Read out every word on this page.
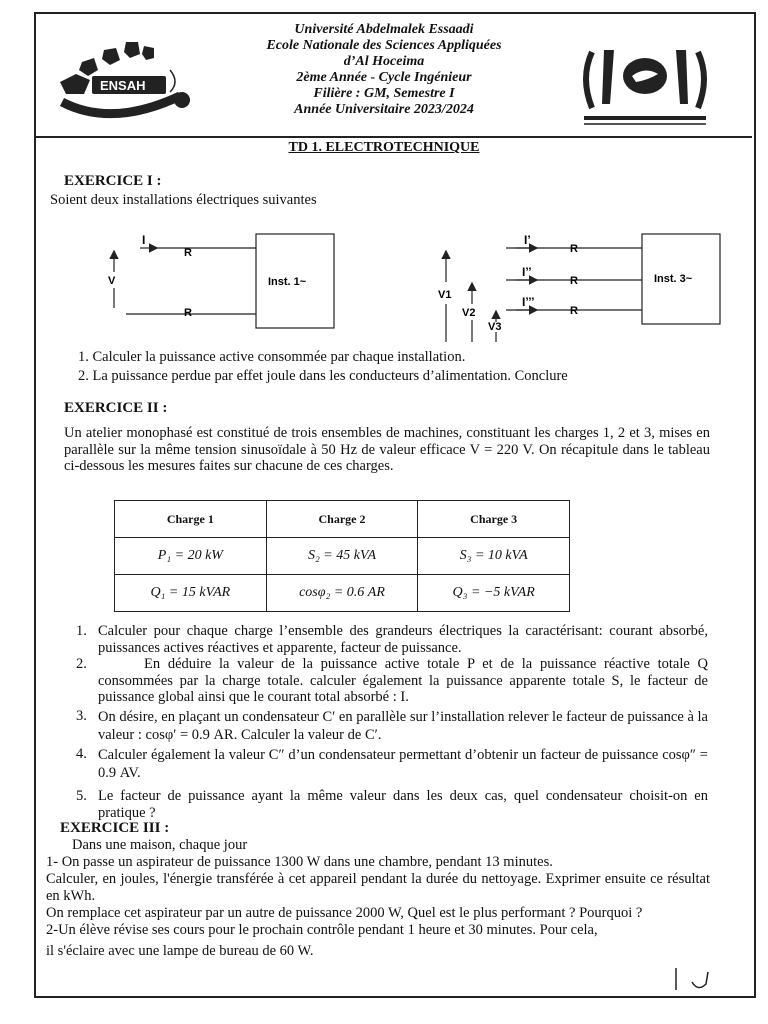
ENSAH
Université Abdelmalek Essaadi
Ecole Nationale des Sciences Appliquées
d’Al Hoceima
2ème Année - Cycle Ingénieur
Filière : GM, Semestre I
Année Universitaire 2023/2024
TD 1. ELECTROTECHNIQUE
EXERCICE I :
Soient deux installations électriques suivantes
I
R
R
V	Inst. 1~
I’
R
I’’
R
I’’’
R
Inst. 3~
V1
V2
V3
1. Calculer la puissance active consommée par chaque installation.
2. La puissance perdue par effet joule dans les conducteurs d’alimentation. Conclure
EXERCICE II :
Un atelier monophasé est constitué de trois ensembles de machines, constituant les charges 1, 2 et 3, mises en parallèle sur la même tension sinusoïdale à 50 Hz de valeur efficace V = 220 V. On récapitule dans le tableau ci-dessous les mesures faites sur chacune de ces charges.
Charge 1	Charge 2	Charge 3
P₁ = 20 kW	S₂ = 45 kVA	S₃ = 10 kVA
Q₁ = 15 kVAR	cosφ₂ = 0.6 AR	Q₃ = −5 kVAR
1. Calculer pour chaque charge l’ensemble des grandeurs électriques la caractérisant: courant absorbé, puissances actives réactives et apparente, facteur de puissance.
2.	En déduire la valeur de la puissance active totale P et de la puissance réactive totale Q consommées par la charge totale. calculer également la puissance apparente totale S, le facteur de puissance global ainsi que le courant total absorbé : I.
3. On désire, en plaçant un condensateur C′ en parallèle sur l’installation relever le facteur de puissance à la valeur : cosφ′ = 0.9 AR. Calculer la valeur de C′.
4. Calculer également la valeur C″ d’un condensateur permettant d’obtenir un facteur de puissance cosφ″ = 0.9 AV.
5. Le facteur de puissance ayant la même valeur dans les deux cas, quel condensateur choisit-on en pratique ?
EXERCICE III :
Dans une maison, chaque jour
1- On passe un aspirateur de puissance 1300 W dans une chambre, pendant 13 minutes.
Calculer, en joules, l'énergie transférée à cet appareil pendant la durée du nettoyage. Exprimer ensuite ce résultat en kWh.
On remplace cet aspirateur par un autre de puissance 2000 W, Quel est le plus performant ? Pourquoi ?
2-Un élève révise ses cours pour le prochain contrôle pendant 1 heure et 30 minutes. Pour cela,
il s'éclaire avec une lampe de bureau de 60 W.
